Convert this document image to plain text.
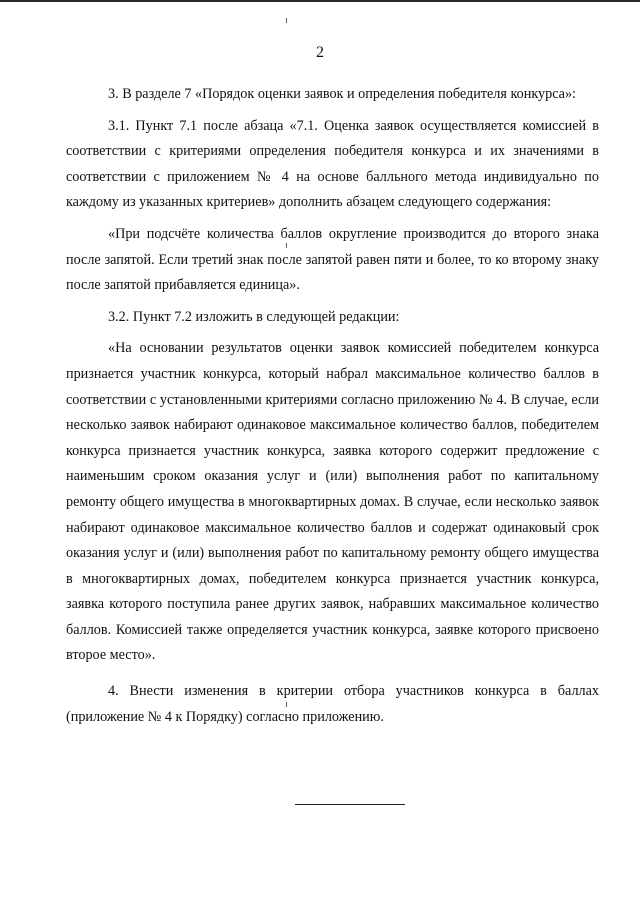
2

3. В разделе 7 «Порядок оценки заявок и определения победителя конкурса»:

3.1. Пункт 7.1 после абзаца «7.1. Оценка заявок осуществляется комиссией в соответствии с критериями определения победителя конкурса и их значениями в соответствии с приложением № 4 на основе балльного метода индивидуально по каждому из указанных критериев» дополнить абзацем следующего содержания:

«При подсчёте количества баллов округление производится до второго знака после запятой. Если третий знак после запятой равен пяти и более, то ко второму знаку после запятой прибавляется единица».

3.2. Пункт 7.2 изложить в следующей редакции:

«На основании результатов оценки заявок комиссией победителем конкурса признается участник конкурса, который набрал максимальное количество баллов в соответствии с установленными критериями согласно приложению № 4. В случае, если несколько заявок набирают одинаковое максимальное количество баллов, победителем конкурса признается участник конкурса, заявка которого содержит предложение с наименьшим сроком оказания услуг и (или) выполнения работ по капитальному ремонту общего имущества в многоквартирных домах. В случае, если несколько заявок набирают одинаковое максимальное количество баллов и содержат одинаковый срок оказания услуг и (или) выполнения работ по капитальному ремонту общего имущества в многоквартирных домах, победителем конкурса признается участник конкурса, заявка которого поступила ранее других заявок, набравших максимальное количество баллов. Комиссией также определяется участник конкурса, заявке которого присвоено второе место».

4. Внести изменения в критерии отбора участников конкурса в баллах (приложение № 4 к Порядку) согласно приложению.
